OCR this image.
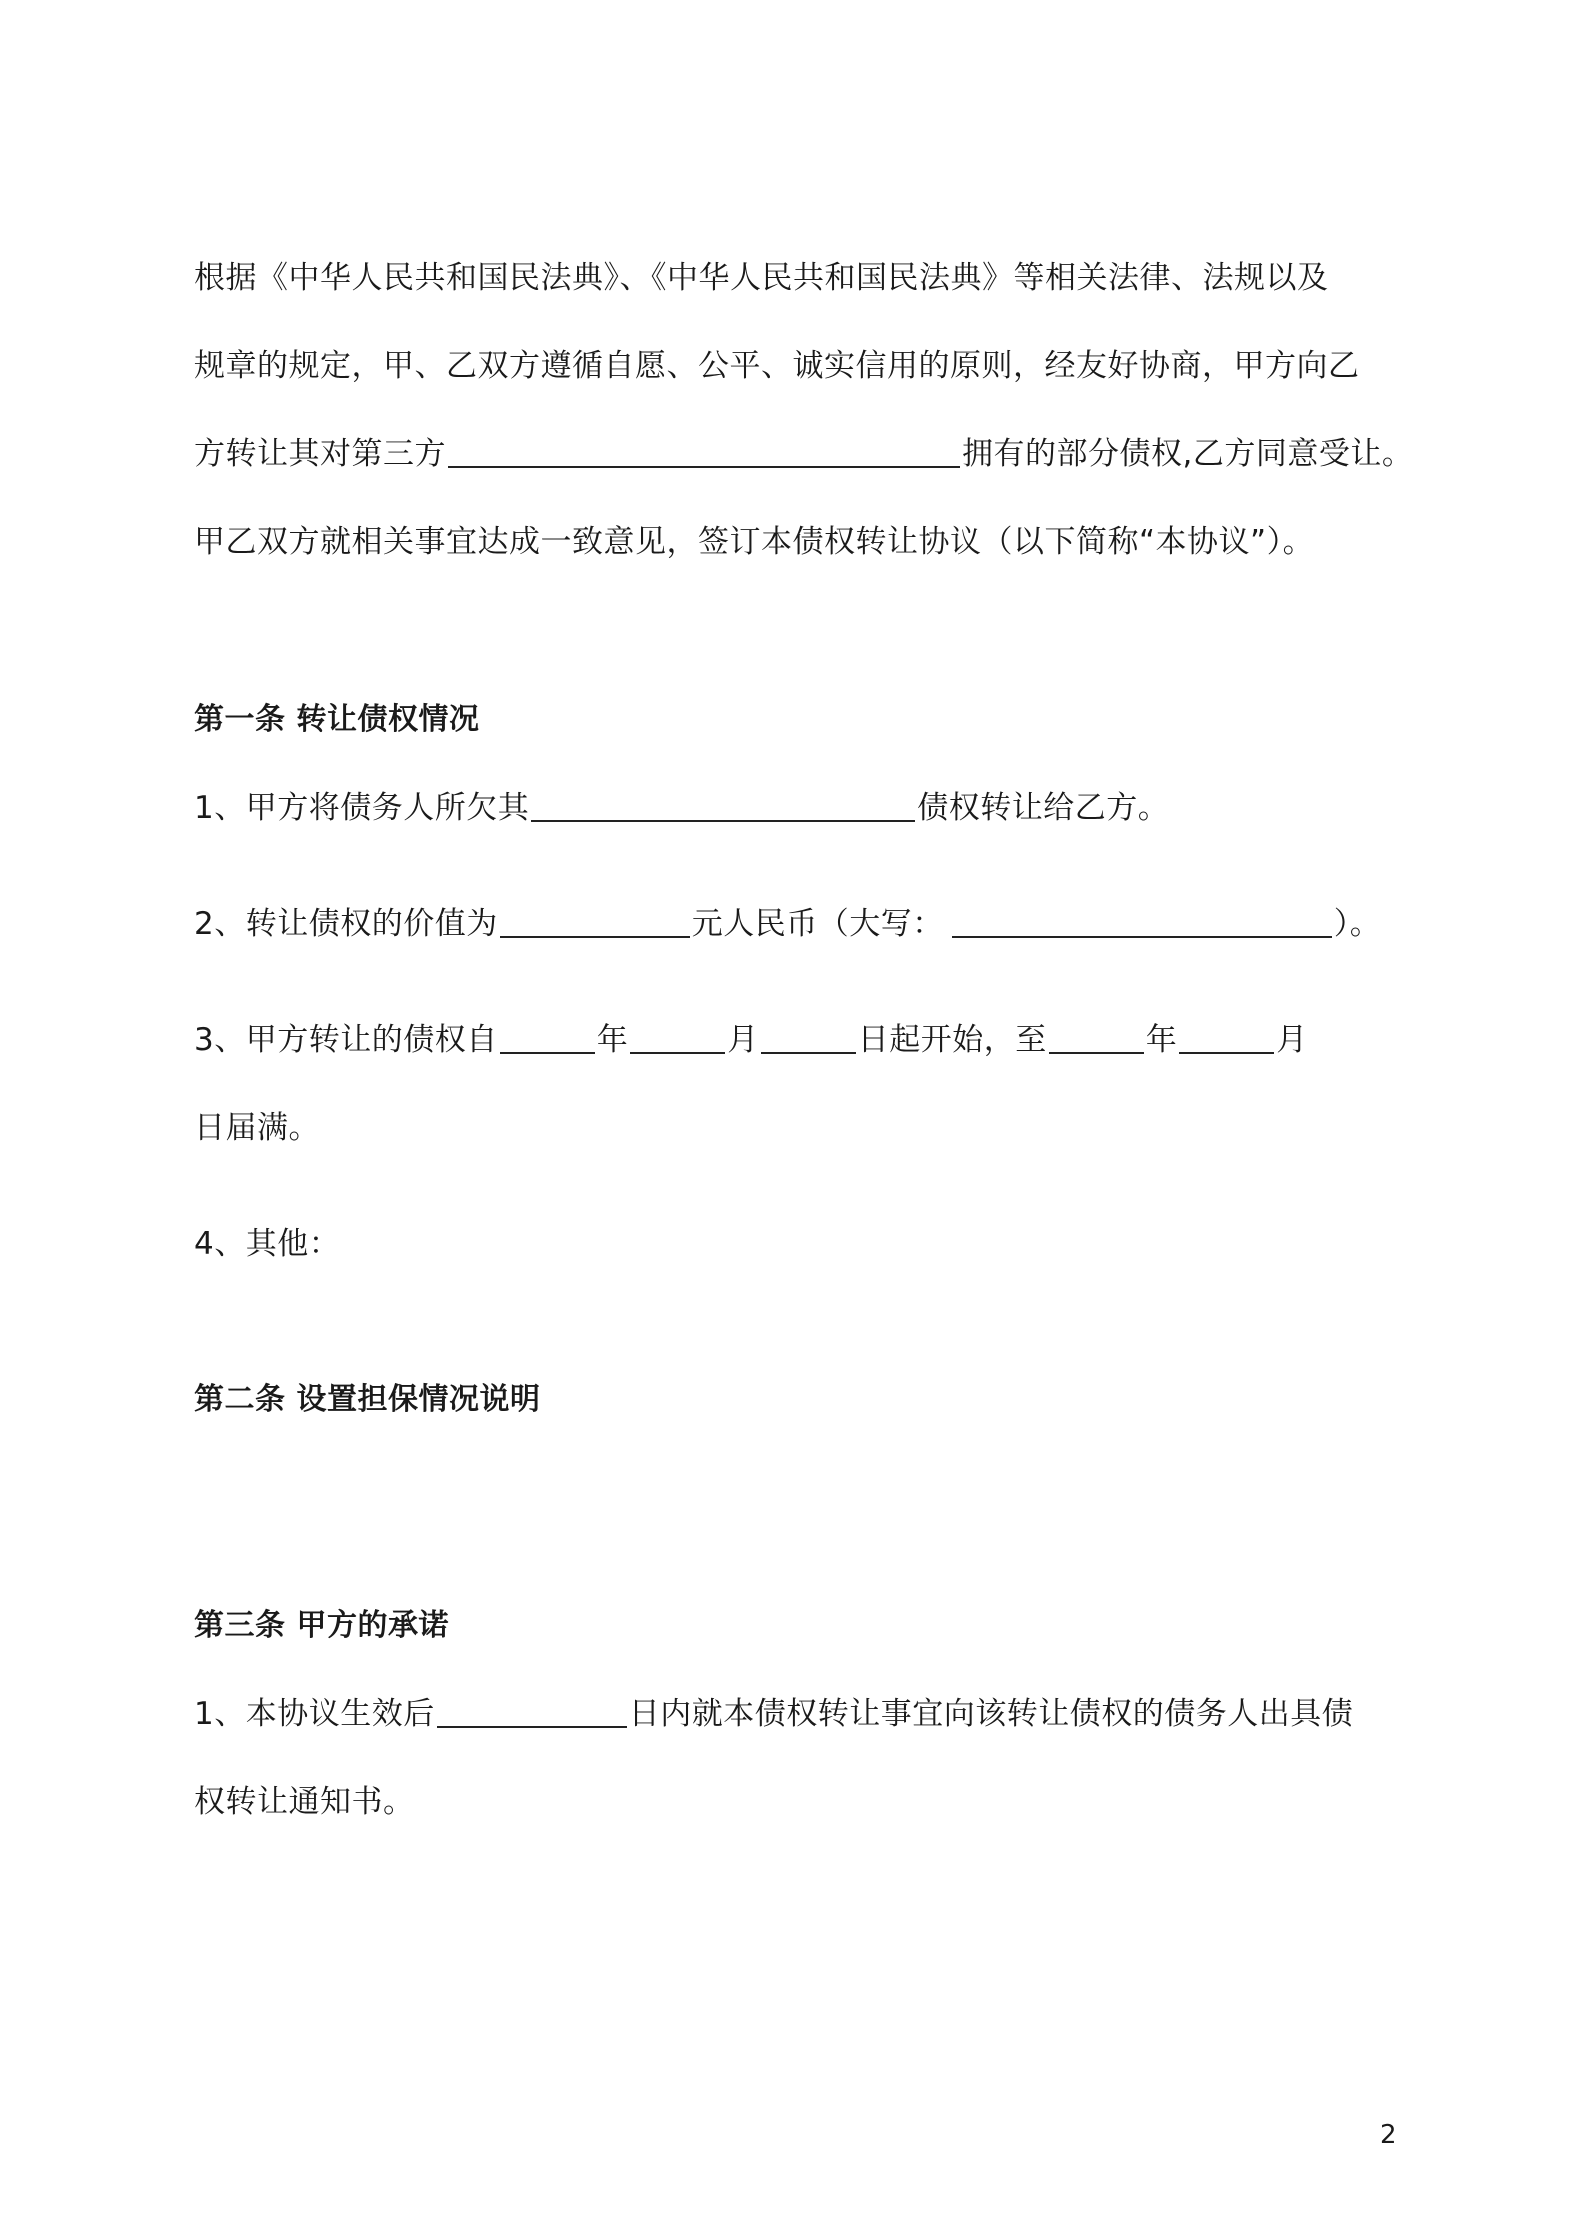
根据《中华人民共和国民法典》、《中华人民共和国民法典》等相关法律、法规以及
规章的规定，甲、乙双方遵循自愿、公平、诚实信用的原则，经友好协商，甲方向乙
方转让其对第三方	拥有的部分债权,乙方同意受让。
甲乙双方就相关事宜达成一致意见，签订本债权转让协议（以下简称“本协议”）。
第一条 转让债权情况
1、甲方将债务人所欠其	债权转让给乙方。
2、转让债权的价值为	元人民币（大写：	）。
3、甲方转让的债权自	年	月	日起开始，至	年	月
日届满。
4、其他：
第二条 设置担保情况说明
第三条 甲方的承诺
1、本协议生效后	日内就本债权转让事宜向该转让债权的债务人出具债
权转让通知书。
2
